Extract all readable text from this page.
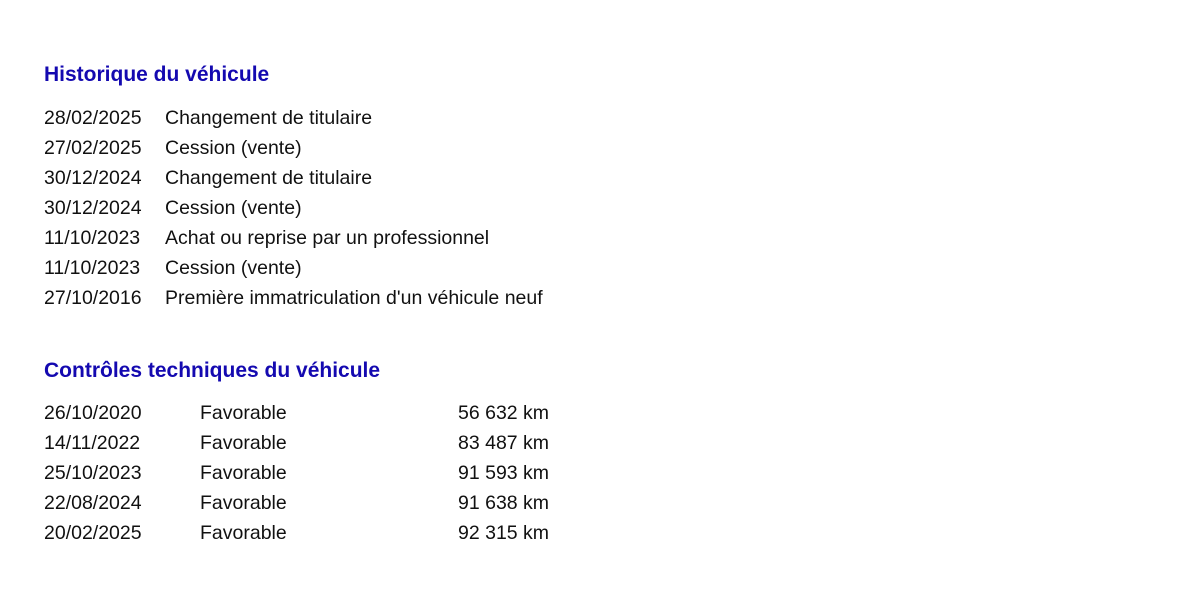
Historique du véhicule
28/02/2025 Changement de titulaire
27/02/2025 Cession (vente)
30/12/2024 Changement de titulaire
30/12/2024 Cession (vente)
11/10/2023 Achat ou reprise par un professionnel
11/10/2023 Cession (vente)
27/10/2016 Première immatriculation d'un véhicule neuf
Contrôles techniques du véhicule
26/10/2020	Favorable	56 632 km
14/11/2022	Favorable	83 487 km
25/10/2023	Favorable	91 593 km
22/08/2024	Favorable	91 638 km
20/02/2025	Favorable	92 315 km
